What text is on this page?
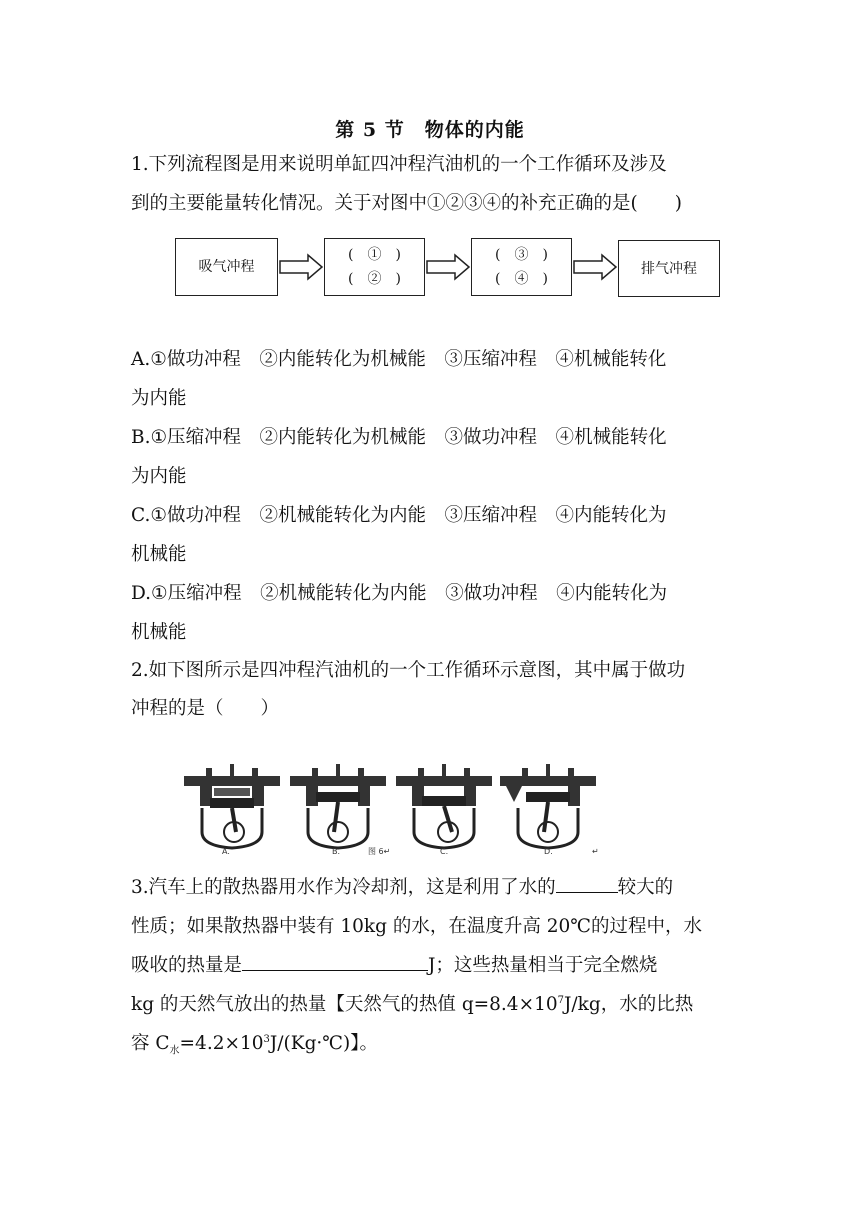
第 5 节　物体的内能
1.下列流程图是用来说明单缸四冲程汽油机的一个工作循环及涉及
到的主要能量转化情况。关于对图中①②③④的补充正确的是(　　)
吸气冲程
(　①　)
(　②　)
(　③　)
(　④　)
排气冲程
A.①做功冲程　②内能转化为机械能　③压缩冲程　④机械能转化
为内能
B.①压缩冲程　②内能转化为机械能　③做功冲程　④机械能转化
为内能
C.①做功冲程　②机械能转化为内能　③压缩冲程　④内能转化为
机械能
D.①压缩冲程　②机械能转化为内能　③做功冲程　④内能转化为
机械能
2.如下图所示是四冲程汽油机的一个工作循环示意图，其中属于做功
冲程的是（　　）
A.	B.	图 6↵	C.	D.	↵
3.汽车上的散热器用水作为冷却剂，这是利用了水的	较大的
性质；如果散热器中装有 10kg 的水，在温度升高 20℃的过程中，水
吸收的热量是	J；这些热量相当于完全燃烧
kg 的天然气放出的热量【天然气的热值 $q=8.4\times 10^7J/kg$，水的比热
容 $C_水=4.2\times 10^3J/(Kg\cdot℃)$】。
